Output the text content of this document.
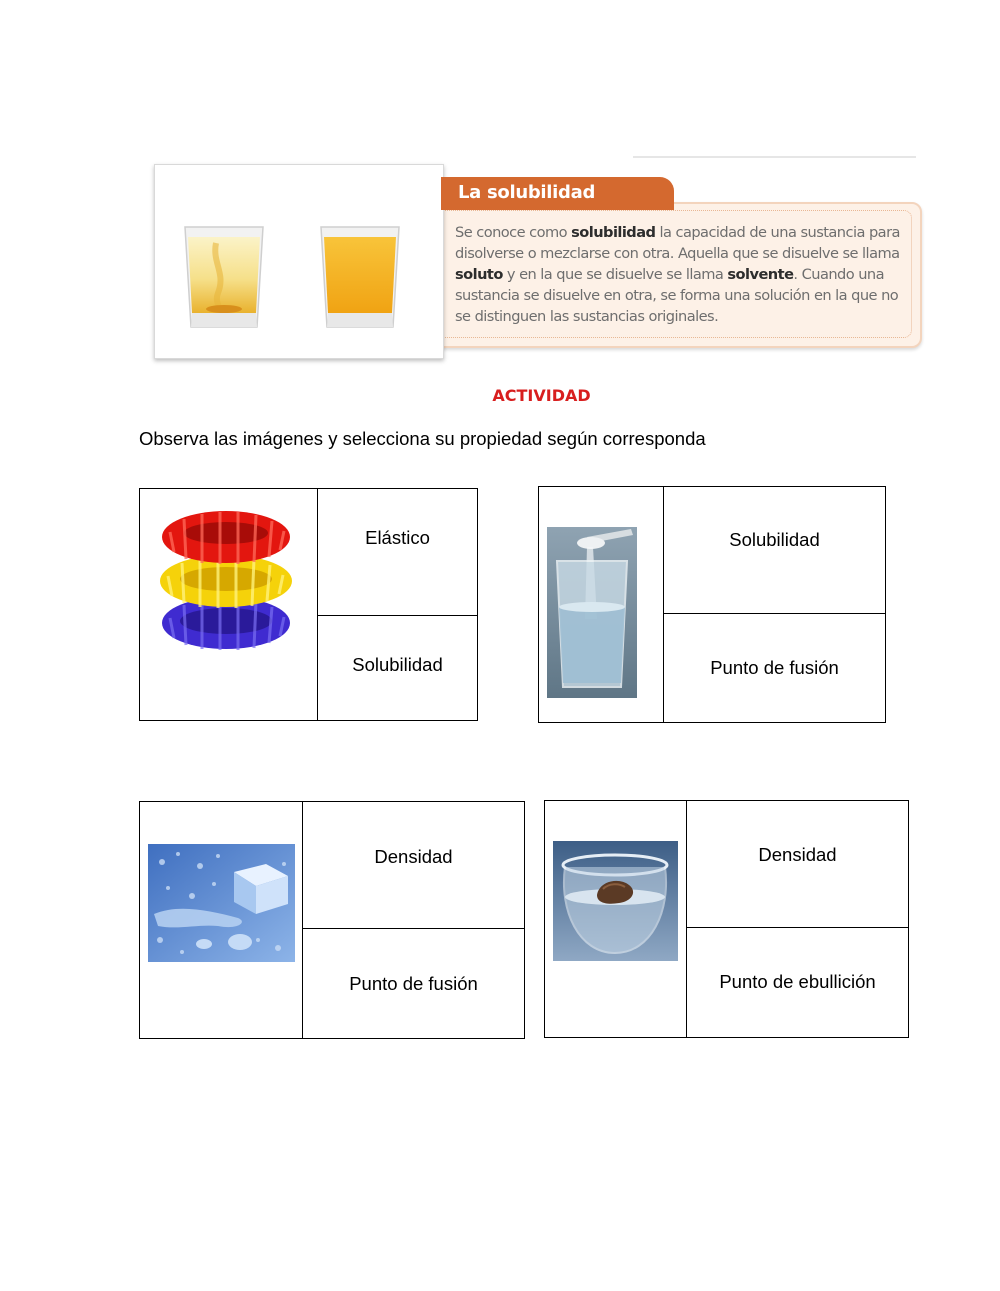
La solubilidad
Se conoce como solubilidad la capacidad de una sustancia para disolverse o mezclarse con otra. Aquella que se disuelve se llama soluto y en la que se disuelve se llama solvente. Cuando una sustancia se disuelve en otra, se forma una solución en la que no se distinguen las sustancias originales.
ACTIVIDAD
Observa las imágenes y selecciona su propiedad según corresponda
Elástico
Solubilidad
Solubilidad
Punto de fusión
Densidad
Punto de fusión
Densidad
Punto de ebullición
